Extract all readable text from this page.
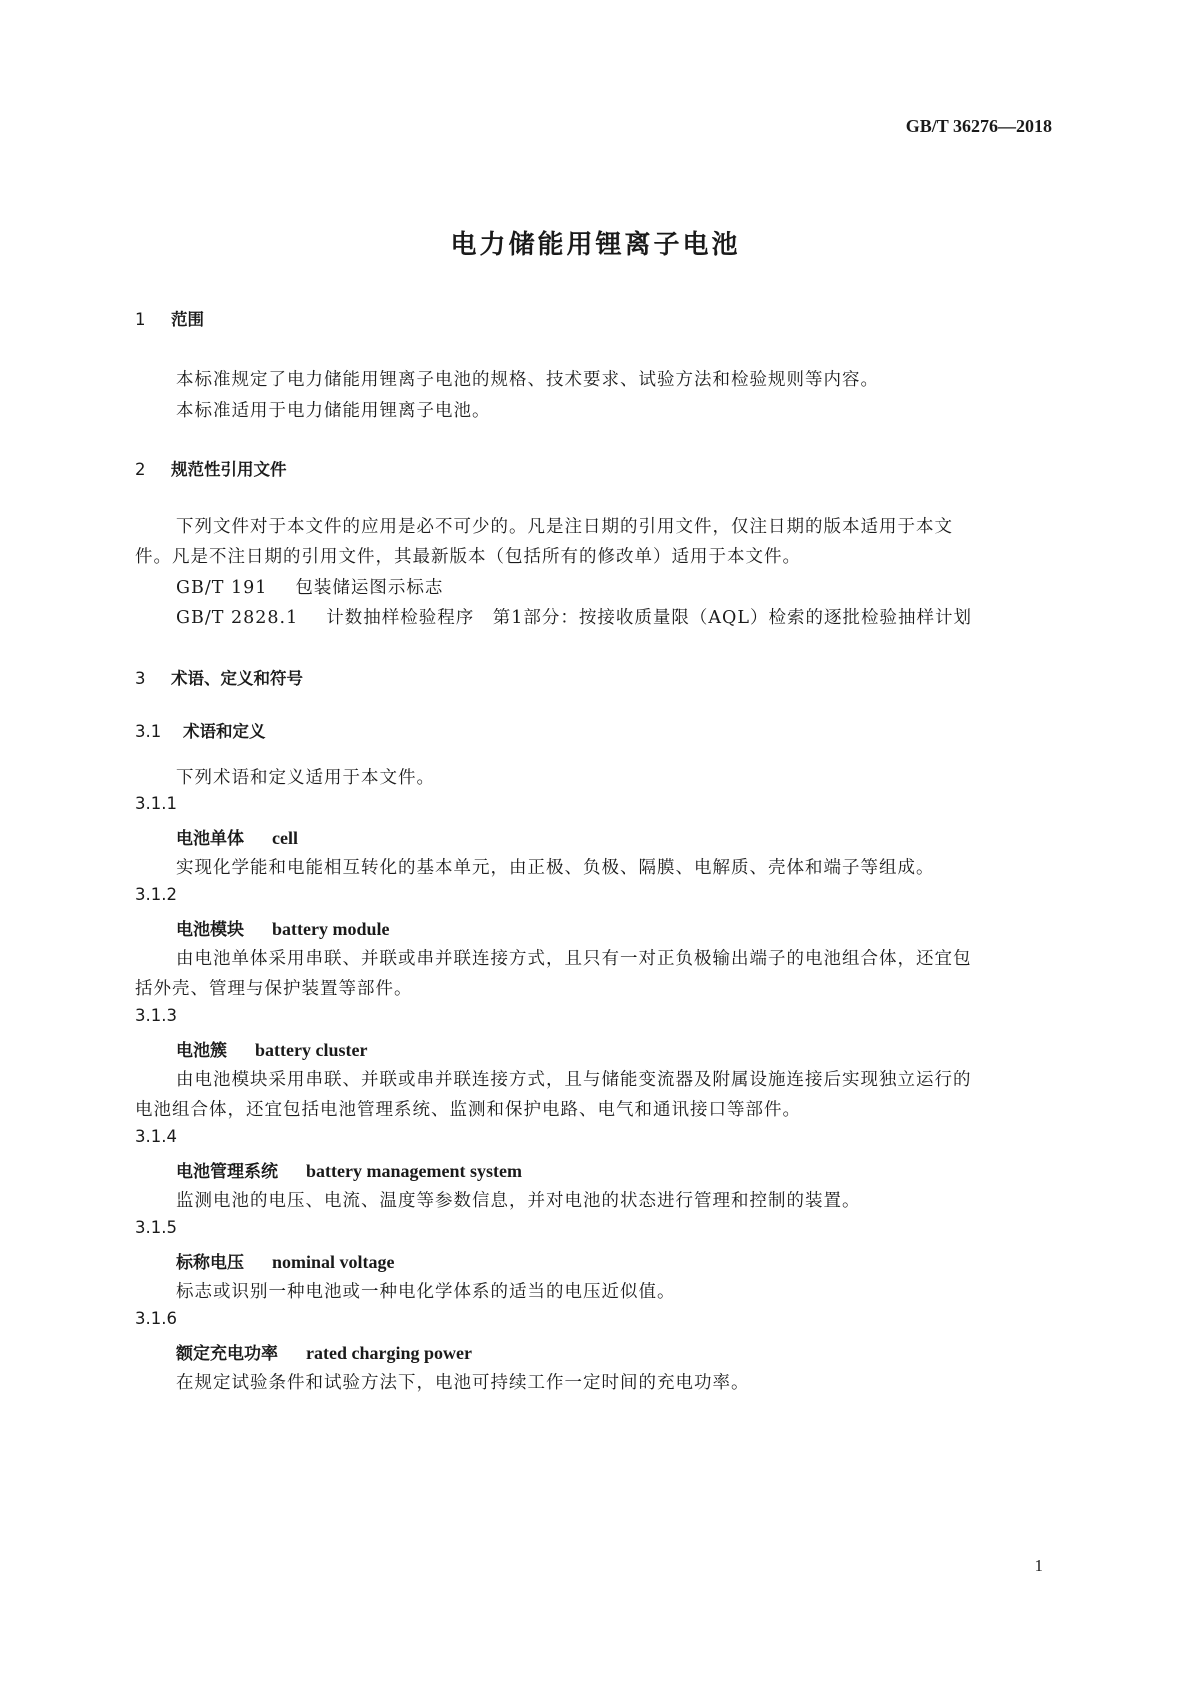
GB/T 36276—2018
电力储能用锂离子电池
1 范围
本标准规定了电力储能用锂离子电池的规格、技术要求、试验方法和检验规则等内容。
本标准适用于电力储能用锂离子电池。
2 规范性引用文件
下列文件对于本文件的应用是必不可少的。凡是注日期的引用文件，仅注日期的版本适用于本文
件。凡是不注日期的引用文件，其最新版本（包括所有的修改单）适用于本文件。
GB/T 191 包装储运图示标志
GB/T 2828.1 计数抽样检验程序　第1部分：按接收质量限（AQL）检索的逐批检验抽样计划
3 术语、定义和符号
3.1 术语和定义
下列术语和定义适用于本文件。
3.1.1
电池单体 cell
实现化学能和电能相互转化的基本单元，由正极、负极、隔膜、电解质、壳体和端子等组成。
3.1.2
电池模块 battery module
由电池单体采用串联、并联或串并联连接方式，且只有一对正负极输出端子的电池组合体，还宜包
括外壳、管理与保护装置等部件。
3.1.3
电池簇 battery cluster
由电池模块采用串联、并联或串并联连接方式，且与储能变流器及附属设施连接后实现独立运行的
电池组合体，还宜包括电池管理系统、监测和保护电路、电气和通讯接口等部件。
3.1.4
电池管理系统 battery management system
监测电池的电压、电流、温度等参数信息，并对电池的状态进行管理和控制的装置。
3.1.5
标称电压 nominal voltage
标志或识别一种电池或一种电化学体系的适当的电压近似值。
3.1.6
额定充电功率 rated charging power
在规定试验条件和试验方法下，电池可持续工作一定时间的充电功率。
1
